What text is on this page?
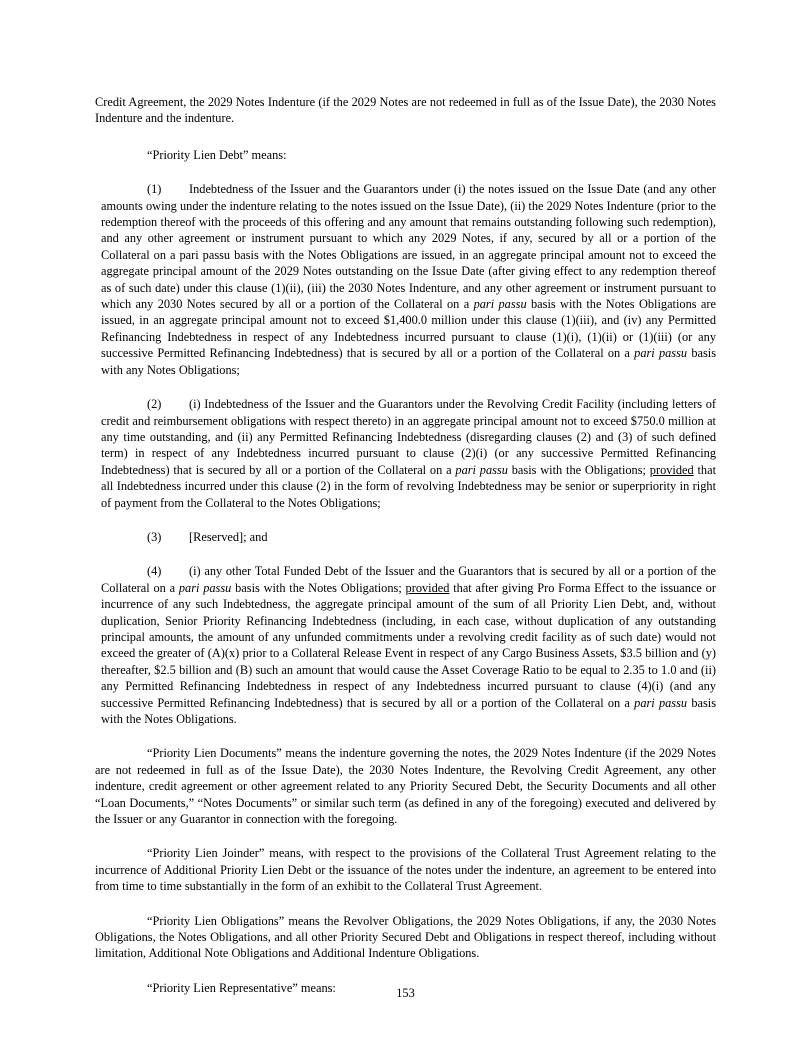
Credit Agreement, the 2029 Notes Indenture (if the 2029 Notes are not redeemed in full as of the Issue Date), the 2030 Notes Indenture and the indenture.

“Priority Lien Debt” means:

(1) Indebtedness of the Issuer and the Guarantors under (i) the notes issued on the Issue Date (and any other amounts owing under the indenture relating to the notes issued on the Issue Date), (ii) the 2029 Notes Indenture (prior to the redemption thereof with the proceeds of this offering and any amount that remains outstanding following such redemption), and any other agreement or instrument pursuant to which any 2029 Notes, if any, secured by all or a portion of the Collateral on a pari passu basis with the Notes Obligations are issued, in an aggregate principal amount not to exceed the aggregate principal amount of the 2029 Notes outstanding on the Issue Date (after giving effect to any redemption thereof as of such date) under this clause (1)(ii), (iii) the 2030 Notes Indenture, and any other agreement or instrument pursuant to which any 2030 Notes secured by all or a portion of the Collateral on a pari passu basis with the Notes Obligations are issued, in an aggregate principal amount not to exceed $1,400.0 million under this clause (1)(iii), and (iv) any Permitted Refinancing Indebtedness in respect of any Indebtedness incurred pursuant to clause (1)(i), (1)(ii) or (1)(iii) (or any successive Permitted Refinancing Indebtedness) that is secured by all or a portion of the Collateral on a pari passu basis with any Notes Obligations;

(2) (i) Indebtedness of the Issuer and the Guarantors under the Revolving Credit Facility (including letters of credit and reimbursement obligations with respect thereto) in an aggregate principal amount not to exceed $750.0 million at any time outstanding, and (ii) any Permitted Refinancing Indebtedness (disregarding clauses (2) and (3) of such defined term) in respect of any Indebtedness incurred pursuant to clause (2)(i) (or any successive Permitted Refinancing Indebtedness) that is secured by all or a portion of the Collateral on a pari passu basis with the Obligations; provided that all Indebtedness incurred under this clause (2) in the form of revolving Indebtedness may be senior or superpriority in right of payment from the Collateral to the Notes Obligations;

(3) [Reserved]; and

(4) (i) any other Total Funded Debt of the Issuer and the Guarantors that is secured by all or a portion of the Collateral on a pari passu basis with the Notes Obligations; provided that after giving Pro Forma Effect to the issuance or incurrence of any such Indebtedness, the aggregate principal amount of the sum of all Priority Lien Debt, and, without duplication, Senior Priority Refinancing Indebtedness (including, in each case, without duplication of any outstanding principal amounts, the amount of any unfunded commitments under a revolving credit facility as of such date) would not exceed the greater of (A)(x) prior to a Collateral Release Event in respect of any Cargo Business Assets, $3.5 billion and (y) thereafter, $2.5 billion and (B) such an amount that would cause the Asset Coverage Ratio to be equal to 2.35 to 1.0 and (ii) any Permitted Refinancing Indebtedness in respect of any Indebtedness incurred pursuant to clause (4)(i) (and any successive Permitted Refinancing Indebtedness) that is secured by all or a portion of the Collateral on a pari passu basis with the Notes Obligations.

“Priority Lien Documents” means the indenture governing the notes, the 2029 Notes Indenture (if the 2029 Notes are not redeemed in full as of the Issue Date), the 2030 Notes Indenture, the Revolving Credit Agreement, any other indenture, credit agreement or other agreement related to any Priority Secured Debt, the Security Documents and all other “Loan Documents,” “Notes Documents” or similar such term (as defined in any of the foregoing) executed and delivered by the Issuer or any Guarantor in connection with the foregoing.

“Priority Lien Joinder” means, with respect to the provisions of the Collateral Trust Agreement relating to the incurrence of Additional Priority Lien Debt or the issuance of the notes under the indenture, an agreement to be entered into from time to time substantially in the form of an exhibit to the Collateral Trust Agreement.

“Priority Lien Obligations” means the Revolver Obligations, the 2029 Notes Obligations, if any, the 2030 Notes Obligations, the Notes Obligations, and all other Priority Secured Debt and Obligations in respect thereof, including without limitation, Additional Note Obligations and Additional Indenture Obligations.

“Priority Lien Representative” means:	153
